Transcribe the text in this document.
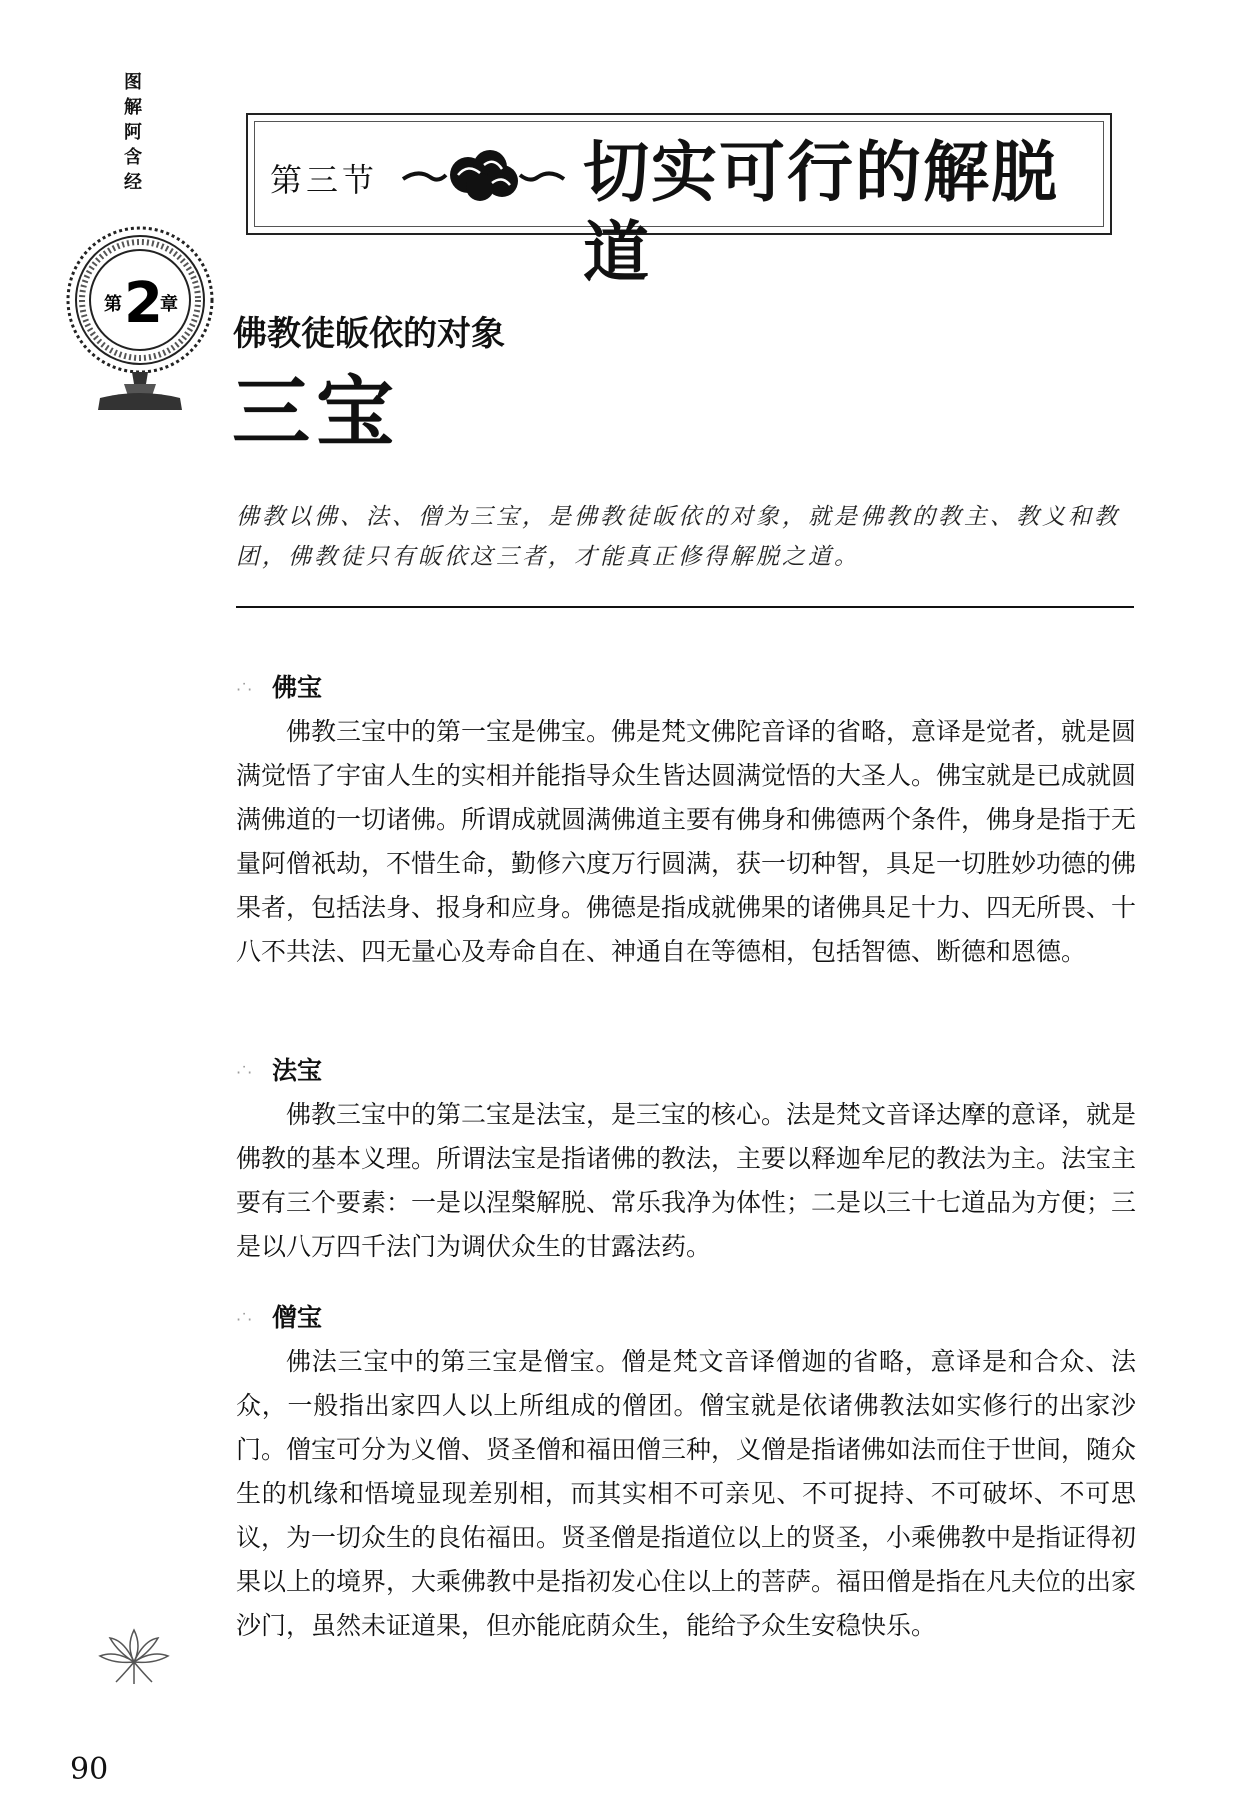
图
解
阿
含
经
第 2
章
第三节	切实可行的解脱道
佛教徒皈依的对象
三宝
佛教以佛、法、僧为三宝，是佛教徒皈依的对象，就是佛教的教主、教义和教团，佛教徒只有皈依这三者，才能真正修得解脱之道。
·˙· 佛宝
佛教三宝中的第一宝是佛宝。佛是梵文佛陀音译的省略，意译是觉者，就是圆满觉悟了宇宙人生的实相并能指导众生皆达圆满觉悟的大圣人。佛宝就是已成就圆满佛道的一切诸佛。所谓成就圆满佛道主要有佛身和佛德两个条件，佛身是指于无量阿僧祇劫，不惜生命，勤修六度万行圆满，获一切种智，具足一切胜妙功德的佛果者，包括法身、报身和应身。佛德是指成就佛果的诸佛具足十力、四无所畏、十八不共法、四无量心及寿命自在、神通自在等德相，包括智德、断德和恩德。
·˙· 法宝
佛教三宝中的第二宝是法宝，是三宝的核心。法是梵文音译达摩的意译，就是佛教的基本义理。所谓法宝是指诸佛的教法，主要以释迦牟尼的教法为主。法宝主要有三个要素：一是以涅槃解脱、常乐我净为体性；二是以三十七道品为方便；三是以八万四千法门为调伏众生的甘露法药。
·˙· 僧宝
佛法三宝中的第三宝是僧宝。僧是梵文音译僧迦的省略，意译是和合众、法众，一般指出家四人以上所组成的僧团。僧宝就是依诸佛教法如实修行的出家沙门。僧宝可分为义僧、贤圣僧和福田僧三种，义僧是指诸佛如法而住于世间，随众生的机缘和悟境显现差别相，而其实相不可亲见、不可捉持、不可破坏、不可思议，为一切众生的良佑福田。贤圣僧是指道位以上的贤圣，小乘佛教中是指证得初果以上的境界，大乘佛教中是指初发心住以上的菩萨。福田僧是指在凡夫位的出家沙门，虽然未证道果，但亦能庇荫众生，能给予众生安稳快乐。
90
